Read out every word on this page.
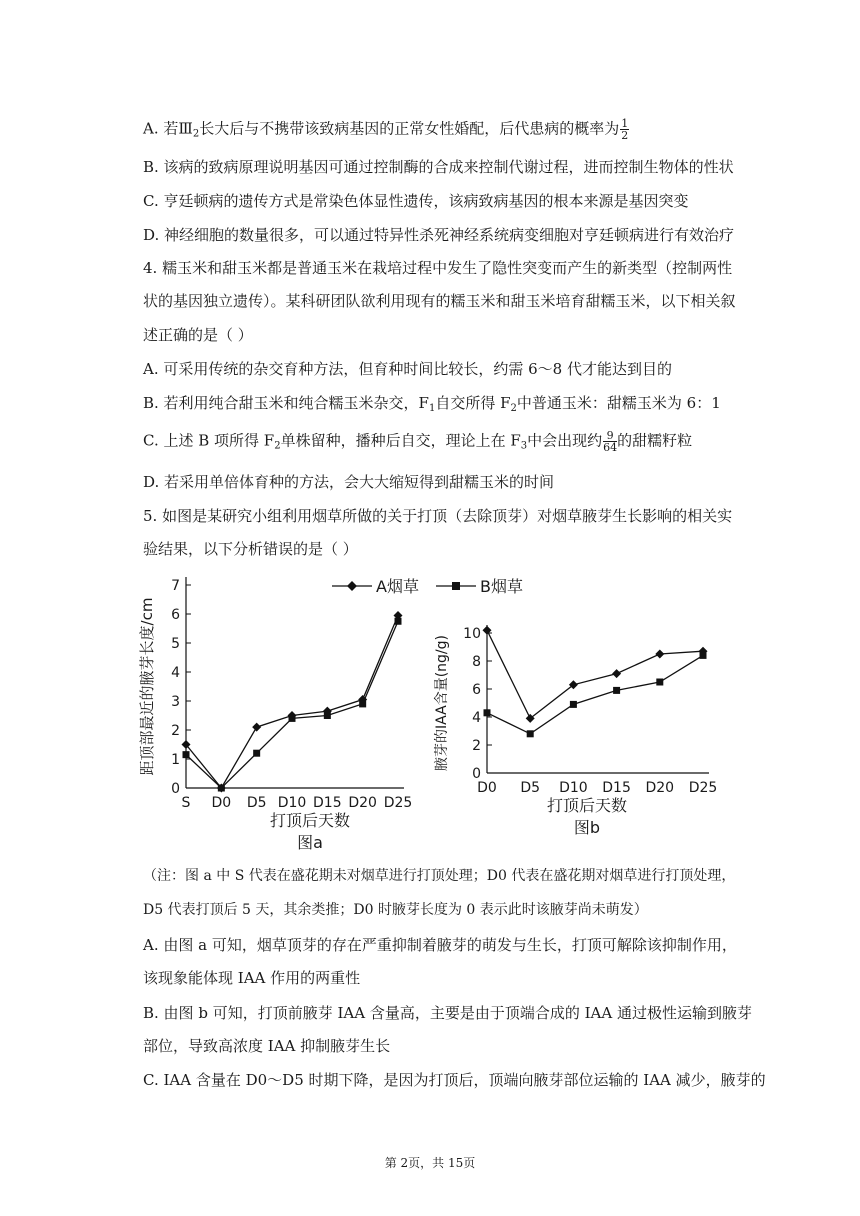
A. 若$Ⅲ_2$长大后与不携带该致病基因的正常女性婚配，后代患病的概率为 $\frac{1}{2}$
B. 该病的致病原理说明基因可通过控制酶的合成来控制代谢过程，进而控制生物体的性状
C. 亨廷顿病的遗传方式是常染色体显性遗传，该病致病基因的根本来源是基因突变
D. 神经细胞的数量很多，可以通过特异性杀死神经系统病变细胞对亨廷顿病进行有效治疗
4. 糯玉米和甜玉米都是普通玉米在栽培过程中发生了隐性突变而产生的新类型（控制两性
状的基因独立遗传）。某科研团队欲利用现有的糯玉米和甜玉米培育甜糯玉米，以下相关叙
述正确的是（ ）
A. 可采用传统的杂交育种方法，但育种时间比较长，约需 6～8 代才能达到目的
B. 若利用纯合甜玉米和纯合糯玉米杂交，$F_1$自交所得 $F_2$中普通玉米：甜糯玉米为 6：1
C. 上述 B 项所得 $F_2$单株留种，播种后自交，理论上在 $F_3$中会出现约 $\frac{9}{64}$ 的甜糯籽粒
D. 若采用单倍体育种的方法，会大大缩短得到甜糯玉米的时间
5. 如图是某研究小组利用烟草所做的关于打顶（去除顶芽）对烟草腋芽生长影响的相关实
验结果，以下分析错误的是（ ）
A烟草	B烟草
0
1
2
3
4
5
6
7
S D0 D5 D10 D15 D20 D25
打顶后天数
距顶部最近的腋芽长度/cm
图a
0
2
4
6
8
10
D0 D5 D10 D15 D20 D25
打顶后天数
腋芽的IAA含量(ng/g)
图b
（注：图 a 中 S 代表在盛花期未对烟草进行打顶处理；D0 代表在盛花期对烟草进行打顶处理，
D5 代表打顶后 5 天，其余类推；D0 时腋芽长度为 0 表示此时该腋芽尚未萌发）
A. 由图 a 可知，烟草顶芽的存在严重抑制着腋芽的萌发与生长，打顶可解除该抑制作用，
该现象能体现 IAA 作用的两重性
B. 由图 b 可知，打顶前腋芽 IAA 含量高，主要是由于顶端合成的 IAA 通过极性运输到腋芽
部位，导致高浓度 IAA 抑制腋芽生长
C. IAA 含量在 D0～D5 时期下降，是因为打顶后，顶端向腋芽部位运输的 IAA 减少，腋芽的
第 2页，共 15页
